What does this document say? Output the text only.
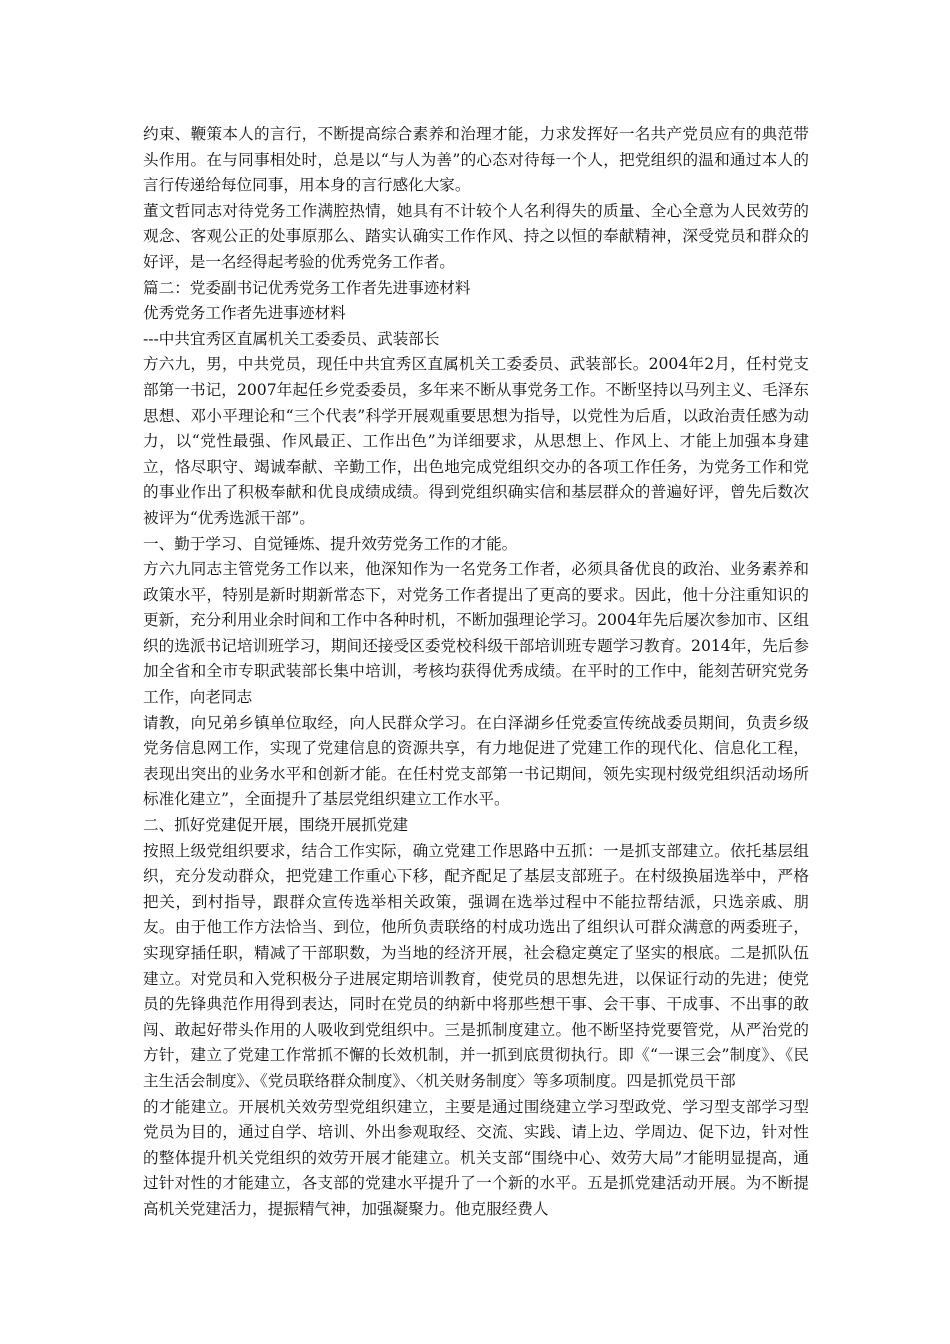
约束、鞭策本人的言行，不断提高综合素养和治理才能，力求发挥好一名共产党员应有的典范带头作用。在与同事相处时，总是以“与人为善”的心态对待每一个人，把党组织的温和通过本人的言行传递给每位同事，用本身的言行感化大家。

董文哲同志对待党务工作满腔热情，她具有不计较个人名利得失的质量、全心全意为人民效劳的观念、客观公正的处事原那么、踏实认确实工作作风、持之以恒的奉献精神，深受党员和群众的好评，是一名经得起考验的优秀党务工作者。

篇二：党委副书记优秀党务工作者先进事迹材料

优秀党务工作者先进事迹材料

---中共宜秀区直属机关工委委员、武装部长

方六九，男，中共党员，现任中共宜秀区直属机关工委委员、武装部长。2004年2月，任村党支部第一书记，2007年起任乡党委委员，多年来不断从事党务工作。不断坚持以马列主义、毛泽东思想、邓小平理论和“三个代表”科学开展观重要思想为指导，以党性为后盾，以政治责任感为动力，以“党性最强、作风最正、工作出色”为详细要求，从思想上、作风上、才能上加强本身建立，恪尽职守、竭诚奉献、辛勤工作，出色地完成党组织交办的各项工作任务，为党务工作和党的事业作出了积极奉献和优良成绩成绩。得到党组织确实信和基层群众的普遍好评，曾先后数次被评为“优秀选派干部”。

一、勤于学习、自觉锤炼、提升效劳党务工作的才能。

方六九同志主管党务工作以来，他深知作为一名党务工作者，必须具备优良的政治、业务素养和政策水平，特别是新时期新常态下，对党务工作者提出了更高的要求。因此，他十分注重知识的更新，充分利用业余时间和工作中各种时机，不断加强理论学习。2004年先后屡次参加市、区组织的选派书记培训班学习，期间还接受区委党校科级干部培训班专题学习教育。2014年，先后参加全省和全市专职武装部长集中培训，考核均获得优秀成绩。在平时的工作中，能刻苦研究党务工作，向老同志

请教，向兄弟乡镇单位取经，向人民群众学习。在白泽湖乡任党委宣传统战委员期间，负责乡级党务信息网工作，实现了党建信息的资源共享，有力地促进了党建工作的现代化、信息化工程，表现出突出的业务水平和创新才能。在任村党支部第一书记期间，领先实现村级党组织活动场所标准化建立”，全面提升了基层党组织建立工作水平。

二、抓好党建促开展，围绕开展抓党建

按照上级党组织要求，结合工作实际，确立党建工作思路中五抓：一是抓支部建立。依托基层组织，充分发动群众，把党建工作重心下移，配齐配足了基层支部班子。在村级换届选举中，严格把关，到村指导，跟群众宣传选举相关政策，强调在选举过程中不能拉帮结派，只选亲戚、朋友。由于他工作方法恰当、到位，他所负责联络的村成功选出了组织认可群众满意的两委班子，实现穿插任职，精减了干部职数，为当地的经济开展，社会稳定奠定了坚实的根底。二是抓队伍建立。对党员和入党积极分子进展定期培训教育，使党员的思想先进，以保证行动的先进；使党员的先锋典范作用得到表达，同时在党员的纳新中将那些想干事、会干事、干成事、不出事的敢闯、敢起好带头作用的人吸收到党组织中。三是抓制度建立。他不断坚持党要管党，从严治党的方针，建立了党建工作常抓不懈的长效机制，并一抓到底贯彻执行。即《“一课三会”制度》、《民主生活会制度》、《党员联络群众制度》、〈机关财务制度〉等多项制度。四是抓党员干部

的才能建立。开展机关效劳型党组织建立，主要是通过围绕建立学习型政党、学习型支部学习型党员为目的，通过自学、培训、外出参观取经、交流、实践、请上边、学周边、促下边，针对性的整体提升机关党组织的效劳开展才能建立。机关支部“围绕中心、效劳大局”才能明显提高，通过针对性的才能建立，各支部的党建水平提升了一个新的水平。五是抓党建活动开展。为不断提高机关党建活力，提振精气神，加强凝聚力。他克服经费人
